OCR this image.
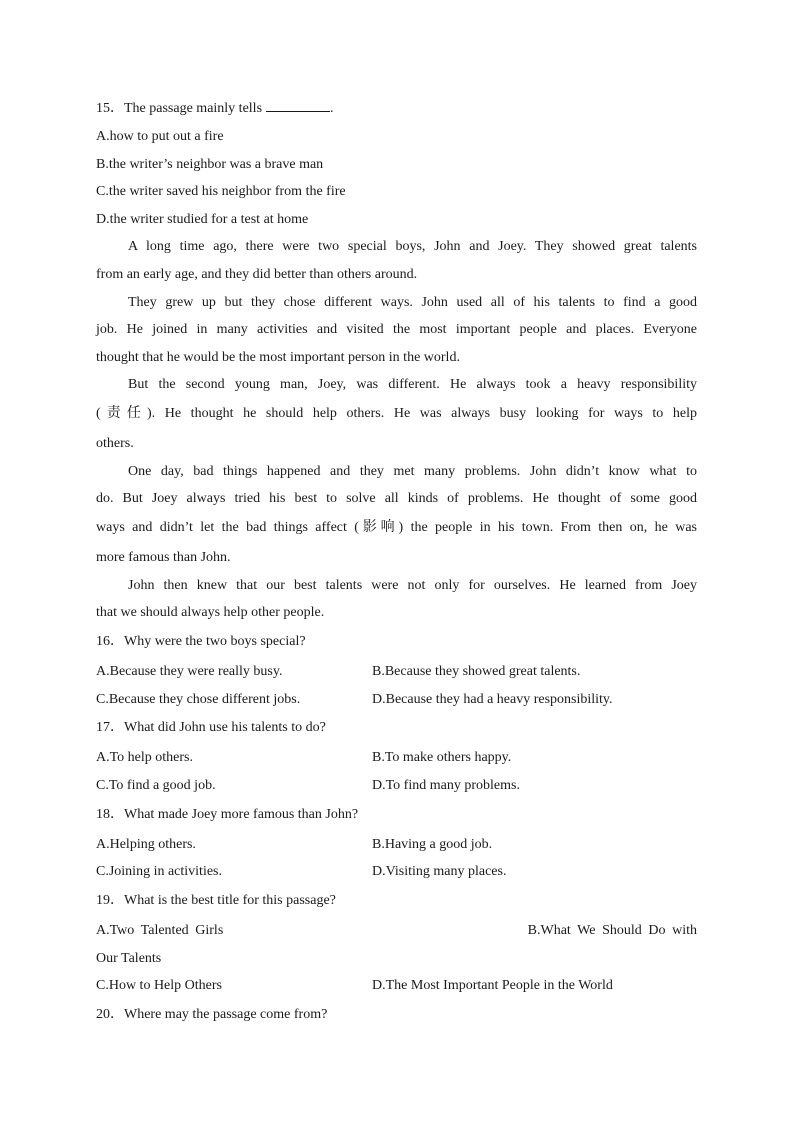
15．The passage mainly tells	.
A.how to put out a fire
B.the writer’s neighbor was a brave man
C.the writer saved his neighbor from the fire
D.the writer studied for a test at home
A long time ago, there were two special boys, John and Joey. They showed great talents
from an early age, and they did better than others around.
They grew up but they chose different ways. John used all of his talents to find a good
job. He joined in many activities and visited the most important people and places. Everyone
thought that he would be the most important person in the world.
But the second young man, Joey, was different. He always took a heavy responsibility
(责任). He thought he should help others. He was always busy looking for ways to help
others.
One day, bad things happened and they met many problems. John didn’t know what to
do. But Joey always tried his best to solve all kinds of problems. He thought of some good
ways and didn’t let the bad things affect (影响) the people in his town. From then on, he was
more famous than John.
John then knew that our best talents were not only for ourselves. He learned from Joey
that we should always help other people.
16．Why were the two boys special?
A.Because they were really busy.	B.Because they showed great talents.
C.Because they chose different jobs.	D.Because they had a heavy responsibility.
17．What did John use his talents to do?
A.To help others.	B.To make others happy.
C.To find a good job.	D.To find many problems.
18．What made Joey more famous than John?
A.Helping others.	B.Having a good job.
C.Joining in activities.	D.Visiting many places.
19．What is the best title for this passage?
A.Two Talented Girls                                              B.What We Should Do with
Our Talents
C.How to Help Others	D.The Most Important People in the World
20．Where may the passage come from?
